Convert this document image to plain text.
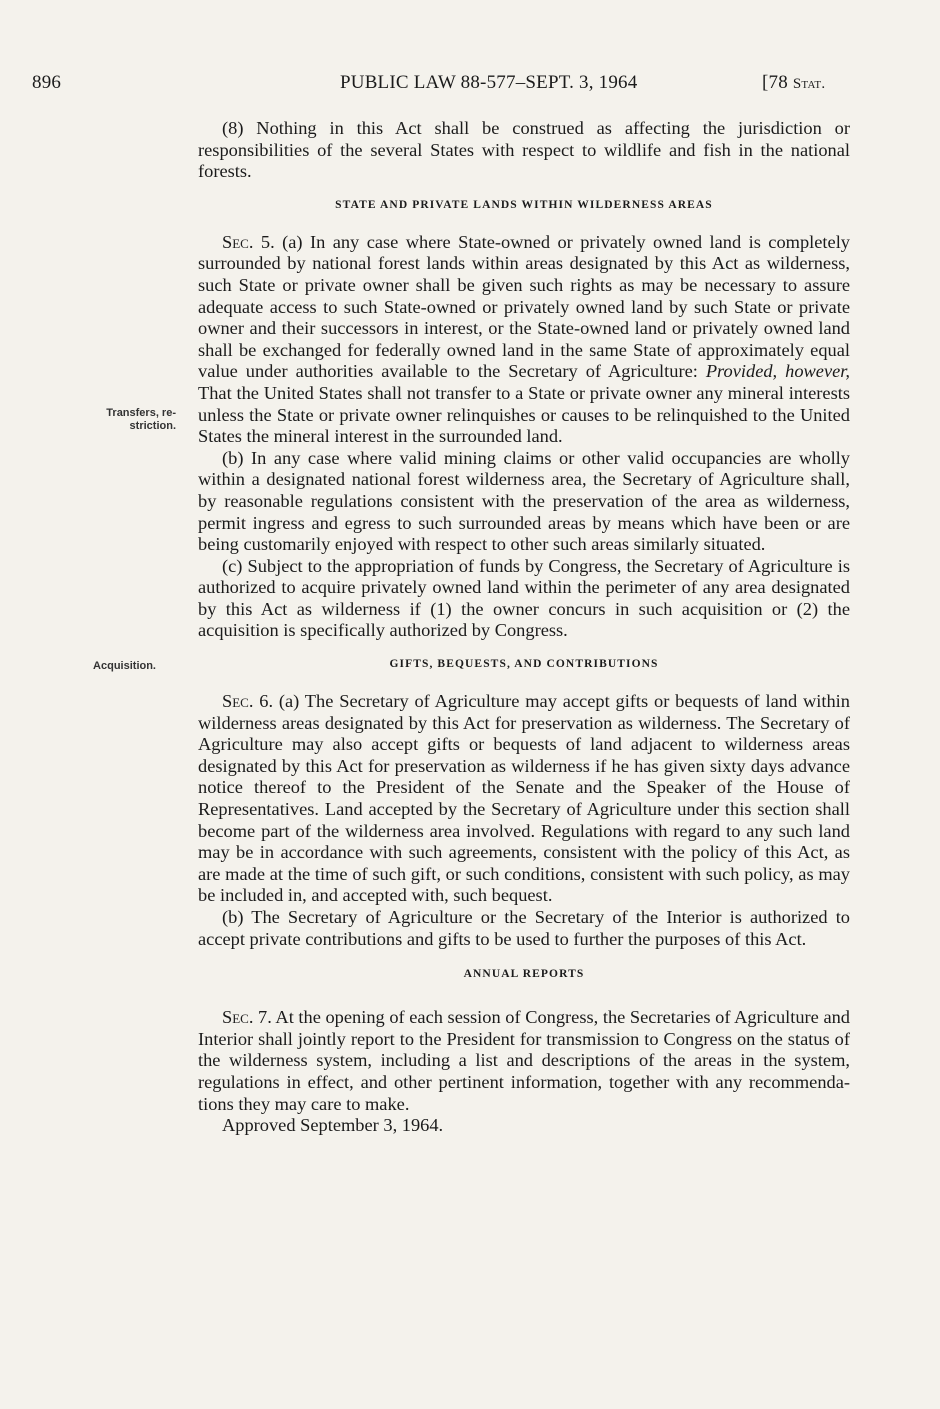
896	PUBLIC LAW 88-577–SEPT. 3, 1964	[78 Stat.
Transfers, re-
striction.
Acquisition.

(8) Nothing in this Act shall be construed as affecting the jurisdiction or responsibilities of the several States with respect to wildlife and fish in the national forests.

STATE AND PRIVATE LANDS WITHIN WILDERNESS AREAS

Sec. 5. (a) In any case where State-owned or privately owned land is completely surrounded by national forest lands within areas designated by this Act as wilderness, such State or private owner shall be given such rights as may be necessary to assure adequate access to such State-owned or privately owned land by such State or private owner and their successors in interest, or the State-owned land or privately owned land shall be exchanged for federally owned land in the same State of approximately equal value under authorities available to the Secretary of Agriculture: Provided, however, That the United States shall not transfer to a State or private owner any mineral interests unless the State or private owner relinquishes or causes to be relinquished to the United States the mineral interest in the surrounded land.

(b) In any case where valid mining claims or other valid occupancies are wholly within a designated national forest wilderness area, the Secretary of Agriculture shall, by reasonable regulations consistent with the preservation of the area as wilderness, permit ingress and egress to such surrounded areas by means which have been or are being customarily enjoyed with respect to other such areas similarly situated.

(c) Subject to the appropriation of funds by Congress, the Secretary of Agriculture is authorized to acquire privately owned land within the perimeter of any area designated by this Act as wilderness if (1) the owner concurs in such acquisition or (2) the acquisition is specifically authorized by Congress.

GIFTS, BEQUESTS, AND CONTRIBUTIONS

Sec. 6. (a) The Secretary of Agriculture may accept gifts or bequests of land within wilderness areas designated by this Act for preservation as wilderness. The Secretary of Agriculture may also accept gifts or bequests of land adjacent to wilderness areas designated by this Act for preservation as wilderness if he has given sixty days advance notice thereof to the President of the Senate and the Speaker of the House of Representatives. Land accepted by the Secretary of Agriculture under this section shall become part of the wilderness area involved. Regulations with regard to any such land may be in accordance with such agreements, consistent with the policy of this Act, as are made at the time of such gift, or such conditions, consistent with such policy, as may be included in, and accepted with, such bequest.

(b) The Secretary of Agriculture or the Secretary of the Interior is authorized to accept private contributions and gifts to be used to further the purposes of this Act.

ANNUAL REPORTS

Sec. 7. At the opening of each session of Congress, the Secretaries of Agriculture and Interior shall jointly report to the President for transmission to Congress on the status of the wilderness system, including a list and descriptions of the areas in the system, regulations in effect, and other pertinent information, together with any recommendations they may care to make.

Approved September 3, 1964.
